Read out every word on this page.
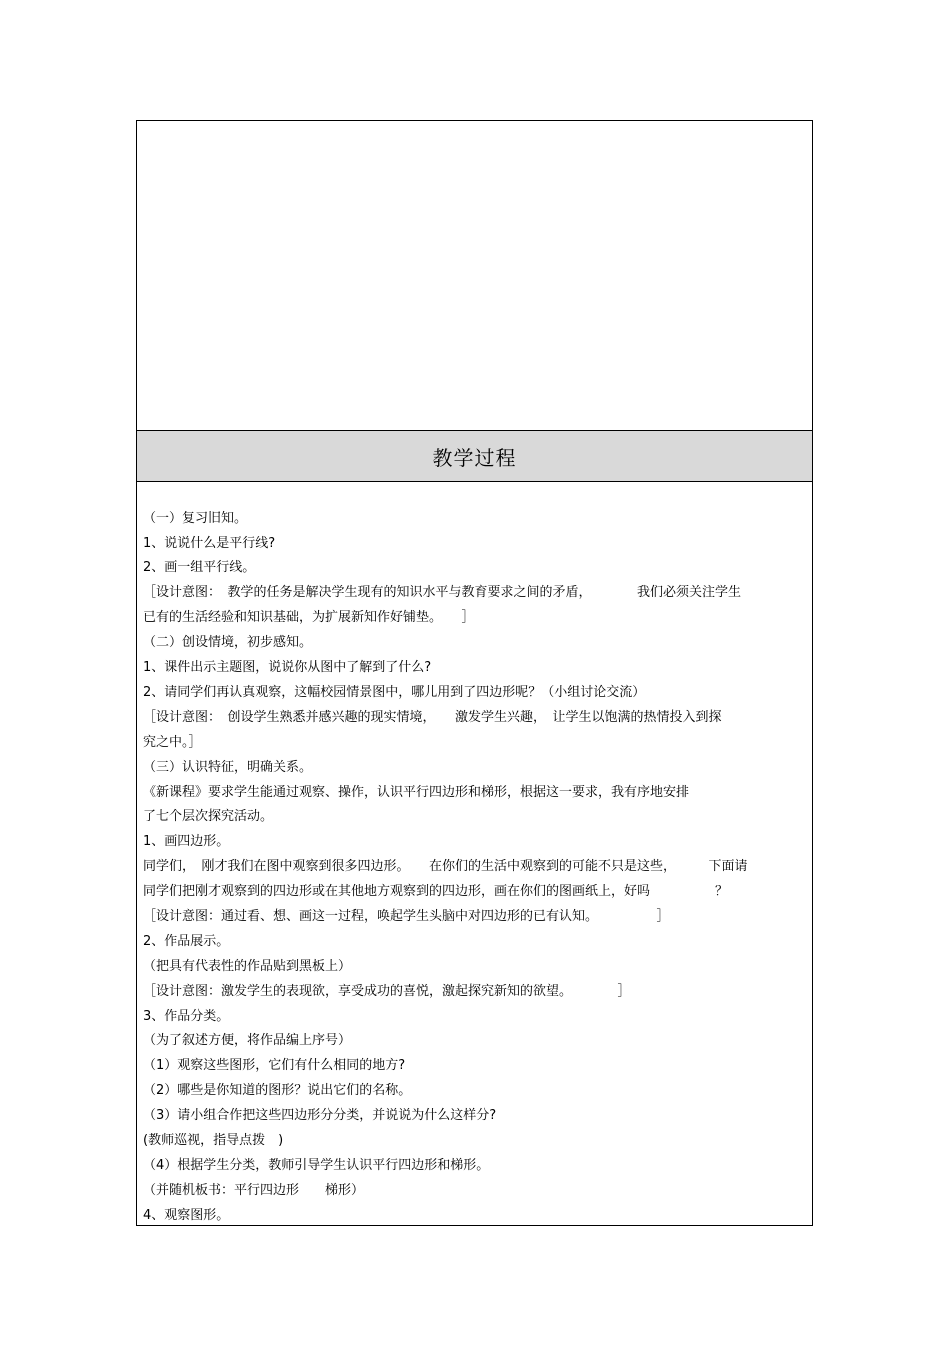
教学过程
（一）复习旧知。
1、说说什么是平行线?
2、画一组平行线。
［设计意图：　教学的任务是解决学生现有的知识水平与教育要求之间的矛盾，　　　　我们必须关注学生
已有的生活经验和知识基础，为扩展新知作好铺垫。　　］
（二）创设情境，初步感知。
1、课件出示主题图，说说你从图中了解到了什么?
2、请同学们再认真观察，这幅校园情景图中，哪儿用到了四边形呢？（小组讨论交流）
［设计意图：　创设学生熟悉并感兴趣的现实情境，　　激发学生兴趣，　让学生以饱满的热情投入到探
究之中。］
（三）认识特征，明确关系。
《新课程》要求学生能通过观察、操作，认识平行四边形和梯形，根据这一要求，我有序地安排
了七个层次探究活动。
1、画四边形。
同学们，　刚才我们在图中观察到很多四边形。　　在你们的生活中观察到的可能不只是这些，　　　下面请
同学们把刚才观察到的四边形或在其他地方观察到的四边形，画在你们的图画纸上，好吗　　　　　？
［设计意图：通过看、想、画这一过程，唤起学生头脑中对四边形的已有认知。　　　　　］
2、作品展示。
（把具有代表性的作品贴到黑板上）
［设计意图：激发学生的表现欲，享受成功的喜悦，激起探究新知的欲望。　　　　］
3、作品分类。
（为了叙述方便，将作品编上序号）
（1）观察这些图形，它们有什么相同的地方?
（2）哪些是你知道的图形？说出它们的名称。
（3）请小组合作把这些四边形分分类，并说说为什么这样分?
(教师巡视，指导点拨　)
（4）根据学生分类，教师引导学生认识平行四边形和梯形。
（并随机板书：平行四边形　　梯形）
4、观察图形。
